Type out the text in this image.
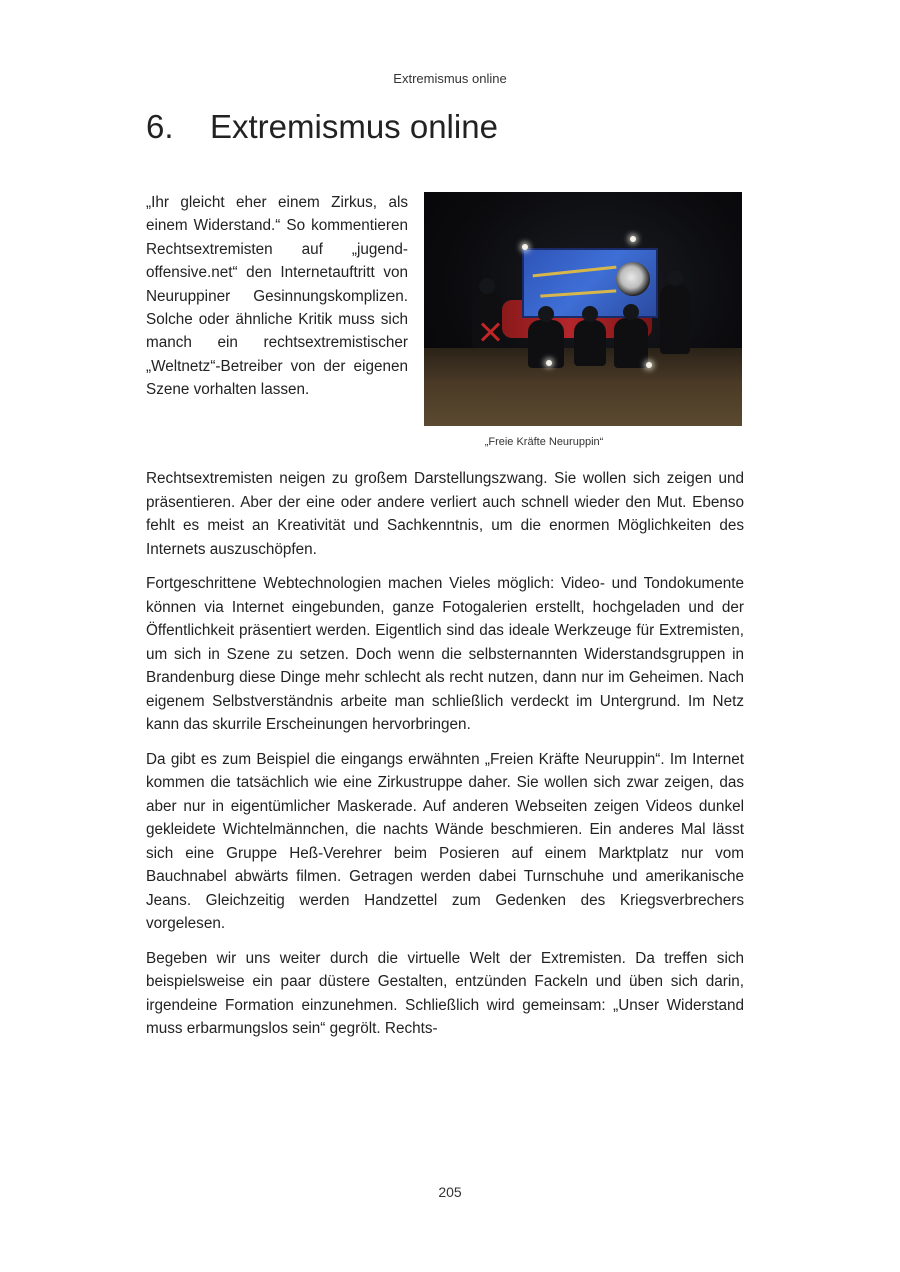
Extremismus online
6. Extremismus online

„Ihr gleicht eher einem Zirkus, als einem Widerstand.“ So kommentieren Rechtsextremisten auf „jugend-offensive.net“ den Internetauftritt von Neuruppiner Gesinnungskomplizen. Solche oder ähnliche Kritik muss sich manch ein rechtsextremistischer „Weltnetz“-Betreiber von der eigenen Szene vorhalten lassen.

„Freie Kräfte Neuruppin“

Rechtsextremisten neigen zu großem Darstellungszwang. Sie wollen sich zeigen und präsentieren. Aber der eine oder andere verliert auch schnell wieder den Mut. Ebenso fehlt es meist an Kreativität und Sachkenntnis, um die enormen Möglichkeiten des Internets auszuschöpfen.

Fortgeschrittene Webtechnologien machen Vieles möglich: Video- und Tondokumente können via Internet eingebunden, ganze Fotogalerien erstellt, hochgeladen und der Öffentlichkeit präsentiert werden. Eigentlich sind das ideale Werkzeuge für Extremisten, um sich in Szene zu setzen. Doch wenn die selbsternannten Widerstandsgruppen in Brandenburg diese Dinge mehr schlecht als recht nutzen, dann nur im Geheimen. Nach eigenem Selbstverständnis arbeite man schließlich verdeckt im Untergrund. Im Netz kann das skurrile Erscheinungen hervorbringen.

Da gibt es zum Beispiel die eingangs erwähnten „Freien Kräfte Neuruppin“. Im Internet kommen die tatsächlich wie eine Zirkustruppe daher. Sie wollen sich zwar zeigen, das aber nur in eigentümlicher Maskerade. Auf anderen Webseiten zeigen Videos dunkel gekleidete Wichtelmännchen, die nachts Wände beschmieren. Ein anderes Mal lässt sich eine Gruppe Heß-Verehrer beim Posieren auf einem Marktplatz nur vom Bauchnabel abwärts filmen. Getragen werden dabei Turnschuhe und amerikanische Jeans. Gleichzeitig werden Handzettel zum Gedenken des Kriegsverbrechers vorgelesen.

Begeben wir uns weiter durch die virtuelle Welt der Extremisten. Da treffen sich beispielsweise ein paar düstere Gestalten, entzünden Fackeln und üben sich darin, irgendeine Formation einzunehmen. Schließlich wird gemeinsam: „Unser Widerstand muss erbarmungslos sein“ gegrölt. Rechts-

205
